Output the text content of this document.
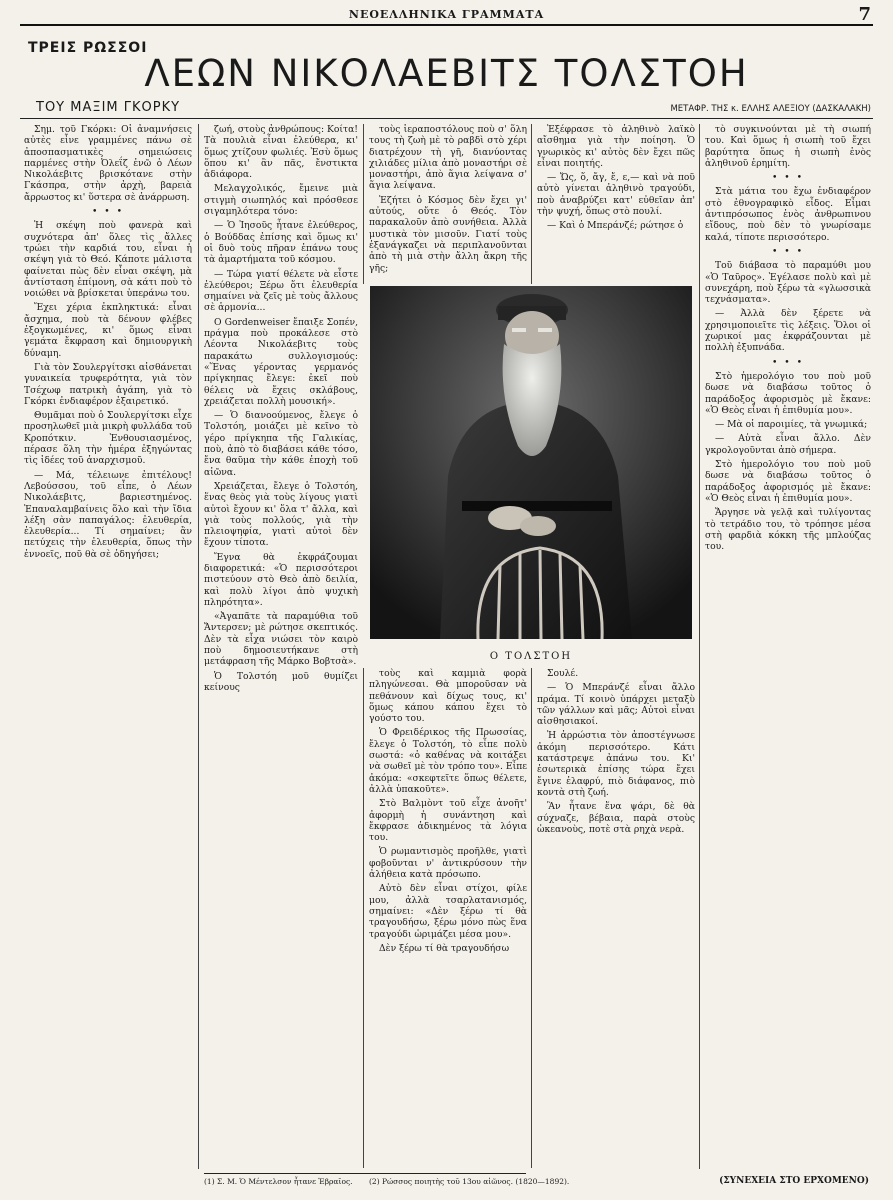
ΝΕΟΕΛΛΗΝΙΚΑ ΓΡΑΜΜΑΤΑ	7
ΤΡΕΙΣ ΡΩΣΣΟΙ
ΛΕΩΝ ΝΙΚΟΛΑΕΒΙΤΣ ΤΟΛΣΤΟΗ
ΤΟΥ ΜΑΞΙΜ ΓΚΟΡΚΥ	ΜΕΤΑΦΡ. ΤΗΣ κ. ΕΛΛΗΣ ΑΛΕΞΙΟΥ (ΔΑΣΚΑΛΑΚΗ)

Σημ. τοῦ Γκόρκι: Οἱ ἀναμνήσεις αὐτὲς εἶνε γραμμένες πάνω σὲ ἀποσπασματικὲς σημειώσεις παρμένες στὴν Ὀλεΐζ ἐνῶ ὁ Λέων Νικολάεβιτς βρισκότανε στὴν Γκάσπρα, στὴν ἀρχὴ, βαρειὰ ἄρρωστος κι' ὕστερα σὲ ἀνάρρωση.

• • •

Ἡ σκέψη ποὺ φανερὰ καὶ συχνότερα ἀπ' ὅλες τὶς ἄλλες τρώει τὴν καρδιά του, εἶναι ἡ σκέψη γιὰ τὸ Θεό. Κάποτε μάλιστα φαίνεται πὼς δὲν εἶναι σκέψη, μὰ ἀντίσταση ἐπίμονη, σὰ κάτι ποὺ τὸ νοιώθει νὰ βρίσκεται ὑπεράνω του.

Ἔχει χέρια ἐκπληκτικά: εἶναι ἄσχημα, ποὺ τὰ δένουν φλέβες ἐξογκωμένες, κι' ὅμως εἶναι γεμάτα ἔκφραση καὶ δημιουργικὴ δύναμη.

Γιὰ τὸν Σουλεργίτσκι αἰσθάνεται γυναικεία τρυφερότητα, γιὰ τὸν Τσέχωφ πατρικὴ ἀγάπη, γιὰ τὸ Γκόρκι ἐνδιαφέρον ἐξαιρετικό.

Θυμᾶμαι ποὺ ὁ Σουλεργίτσκι εἶχε προσηλωθεῖ μιὰ μικρὴ φυλλάδα τοῦ Κροπότκιν. Ἐνθουσιασμένος, πέρασε ὅλη τὴν ἡμέρα ἐξηγώντας τὶς ἰδέες τοῦ ἀναρχισμοῦ.

— Μά, τέλειωνε ἐπιτέλους! Λεβούσσου, τοῦ εἶπε, ὁ Λέων Νικολάεβιτς, βαριεστημένος. Ἐπαναλαμβαίνεις ὅλο καὶ τὴν ἴδια λέξη σὰν παπαγάλος: ἐλευθερία, ἐλευθερία... Τί σημαίνει; ἂν πετύχεις τὴν ἐλευθερία, ὅπως τὴν ἐννοεῖς, ποῦ θὰ σὲ ὁδηγήσει;

ζωή, στοὺς ἀνθρώπους: Κοίτα! Τὰ πουλιὰ εἶναι ἐλεύθερα, κι' ὅμως χτίζουν φωλιές. Ἐσὺ ὅμως ὅπου κι' ἂν πᾶς, ἔνστικτα ἀδιάφορα.

Μελαγχολικός, ἔμεινε μιὰ στιγμὴ σιωπηλός καὶ πρόσθεσε σιγαμηλότερα τόνο:

— Ὁ Ἰησοῦς ἦτανε ἐλεύθερος, ὁ Βούδδας ἐπίσης καὶ ὅμως κι' οἱ δυὸ τοὺς πῆραν ἐπάνω τους τὰ ἁμαρτήματα τοῦ κόσμου.

— Τώρα γιατί θέλετε νὰ εἶστε ἐλεύθεροι; Ξέρω ὅτι ἐλευθερία σημαίνει νὰ ζεῖς μὲ τοὺς ἄλλους σὲ ἁρμονία...

Ο Gordenweiser ἔπαιξε Σοπέν, πράγμα ποὺ προκάλεσε στὸ Λέοντα Νικολάεβιτς τοὺς παρακάτω συλλογισμούς: «Ἕνας γέροντας γερμανός πρίγκηπας ἔλεγε: ἐκεῖ ποὺ θέλεις νὰ ἔχεις σκλάβους, χρειάζεται πολλὴ μουσική».

— Ὁ διανοούμενος, ἔλεγε ὁ Τολστόη, μοιάζει μὲ κεῖνο τὸ γέρο πρίγκηπα τῆς Γαλικίας, ποὺ, ἀπὸ τὸ διαβάσει κάθε τόσο, ἔνα θαῦμα τὴν κάθε ἐποχὴ τοῦ αἰῶνα.

Χρειάζεται, ἔλεγε ὁ Τολστόη, ἕνας θεὸς γιὰ τοὺς λίγους γιατὶ αὐτοὶ ἔχουν κι' ὅλα τ' ἄλλα, καὶ γιὰ τοὺς πολλούς, γιὰ τὴν πλειοψηφία, γιατὶ αὐτοὶ δὲν ἔχουν τίποτα.

Ἔγνα θὰ ἐκφράζουμαι διαφορετικά: «Ὁ περισσότεροι πιστεύουν στὸ Θεὸ ἀπὸ δειλία, καὶ πολὺ λίγοι ἀπὸ ψυχικὴ πληρότητα».

«Ἀγαπᾶτε τὰ παραμύθια τοῦ Ἄντερσεν; μὲ ρώτησε σκεπτικός. Δὲν τὰ εἶχα νιώσει τὸν καιρὸ ποὺ δημοσιευτήκανε στὴ μετάφραση τῆς Μάρκο Βοβτσὰ».

Ὁ Τολστόη μοῦ θυμίζει κείνους

τοὺς ἱεραποστόλους ποὺ σ' ὅλη τους τὴ ζωὴ μὲ τὸ ραβδὶ στὸ χέρι διατρέχουν τὴ γῆ, διανύοντας χιλιάδες μίλια ἀπὸ μοναστήρι σὲ μοναστήρι, ἀπὸ ἅγια λείψανα σ' ἅγια λείψανα.

Ἐζήτει ὁ Κόσμος δὲν ἔχει γι' αὐτούς, οὔτε ὁ Θεός. Τὸν παρακαλοῦν ἀπὸ συνήθεια. Ἀλλὰ μυστικὰ τὸν μισοῦν. Γιατί τοὺς ἐξανάγκαζει νὰ περιπλανοῦνται ἀπὸ τὴ μιὰ στὴν ἄλλη ἄκρη τῆς γῆς;

Ἐξέφρασε τὸ ἀληθινὸ λαϊκὸ αἴσθημα γιὰ τὴν ποίηση. Ὁ γνωρικὸς κι' αὐτὸς δὲν ἔχει πῶς εἶναι ποιητής.

— Ὤς, ὅ, ἄγ, ἔ, ε,— καὶ νὰ ποῦ αὐτὸ γίνεται ἀληθινὸ τραγούδι, ποὺ ἀναβρύζει κατ' εὐθεῖαν ἀπ' τὴν ψυχή, ὅπως στὸ πουλί.

— Καὶ ὁ Μπεράνζέ; ρώτησε ὁ

Ο ΤΟΛΣΤΟΗ

τοὺς καὶ καμμιὰ φορὰ πληγώνεσαι. Θὰ μποροῦσαν νὰ πεθάνουν καὶ δίχως τους, κι' ὅμως κάπου κάπου ἔχει τὸ γούστο του.

Ὁ Φρειδέρικος τῆς Πρωσσίας, ἔλεγε ὁ Τολστόη, τὸ εἶπε πολὺ σωστά: «ὁ καθένας νὰ κοιτάξει νὰ σωθεῖ μὲ τὸν τρόπο του». Εἶπε ἀκόμα: «σκεφτεῖτε ὅπως θέλετε, ἀλλὰ ὑπακοῦτε».

Στὸ Βαλμὸντ τοῦ εἶχε ἀνοῆτ' ἀφορμὴ ἡ συνάντηση καὶ ἔκφρασε ἀδικημένος τὰ λόγια του.

Ὁ ρωμαντισμὸς προῆλθε, γιατὶ φοβοῦνται ν' ἀντικρύσουν τὴν ἀλήθεια κατὰ πρόσωπο.

Αὐτὸ δὲν εἶναι στίχοι, φίλε μου, ἀλλὰ τσαρλατανισμός, σημαίνει: «Δὲν ξέρω τί θὰ τραγουδήσω, ξέρω μόνο πὼς ἕνα τραγούδι ὡριμάζει μέσα μου».

Δὲν ξέρω τί θὰ τραγουδήσω

Σουλέ.

— Ὁ Μπεράνζέ εἶναι ἄλλο πράμα. Τί κοινὸ ὑπάρχει μεταξὺ τῶν γάλλων καὶ μᾶς; Αὐτοὶ εἶναι αἰσθησιακοί.

Ἡ ἀρρώστια τὸν ἀποστέγνωσε ἀκόμη περισσότερο. Κάτι κατάστρεψε ἀπάνω του. Κι' ἐσωτερικὰ ἐπίσης τώρα ἔχει ἔγινε ἐλαφρύ, πιὸ διάφανος, πιὸ κοντὰ στὴ ζωή.

Ἂν ἦτανε ἕνα ψάρι, δὲ θὰ σύχναζε, βέβαια, παρὰ στοὺς ὠκεανοὺς, ποτὲ στὰ ρηχὰ νερὰ.

τὸ συγκινούνται μὲ τὴ σιωπή του. Καὶ ὅμως ἡ σιωπὴ τοῦ ἔχει βαρύτητα ὅπως ἡ σιωπὴ ἑνὸς ἀληθινοῦ ἐρημίτη.

• • •

Στὰ μάτια του ἔχω ἐνδιαφέρον στὸ ἐθνογραφικὸ εἶδος. Εἶμαι ἀντιπρόσωπος ἑνὸς ἀνθρωπινου εἴδους, ποὺ δὲν τὸ γνωρίσαμε καλά, τίποτε περισσότερο.

• • •

Τοῦ διάβασα τὸ παραμύθι μου «Ὁ Ταῦρος». Ἐγέλασε πολὺ καὶ μὲ συνεχάρη, ποὺ ξέρω τὰ «γλωσσικὰ τεχνάσματα».

— Ἀλλὰ δὲν ξέρετε νὰ χρησιμοποιεῖτε τὶς λέξεις. Ὅλοι οἱ χωρικοί μας ἐκφράζουνται μὲ πολλὴ ἐξυπνάδα.

• • •

Στὸ ἡμερολόγιο του ποὺ μοῦ δωσε νὰ διαβάσω τοῦτος ὁ παράδοξος ἀφορισμὸς μὲ ἔκανε: «Ὁ Θεὸς εἶναι ἡ ἐπιθυμία μου».

— Μὰ οἱ παροιμίες, τὰ γνωμικά;

— Αὐτὰ εἶναι ἄλλο. Δὲν γκρολογοῦνται ἀπὸ σήμερα.

Στὸ ἡμερολόγιο του ποὺ μοῦ δωσε νὰ διαβάσω τοῦτος ὁ παράδοξος ἀφορισμός μὲ ἔκανε: «Ὁ Θεὸς εἶναι ἡ ἐπιθυμία μου».

Ἄργησε νὰ γελᾷ καὶ τυλίγοντας τὸ τετράδιο του, τὸ τρόπησε μέσα στὴ φαρδιὰ κόκκη τῆς μπλούζας του.

(1) Σ. Μ. Ὁ Μέντελσον ἦτανε Ἑβραῖος. (2) Ρώσσος ποιητὴς τοῦ 13ου αἰῶνος. (1820—1892).	(ΣΥΝΕΧΕΙΑ ΣΤΟ ΕΡΧΟΜΕΝΟ)
